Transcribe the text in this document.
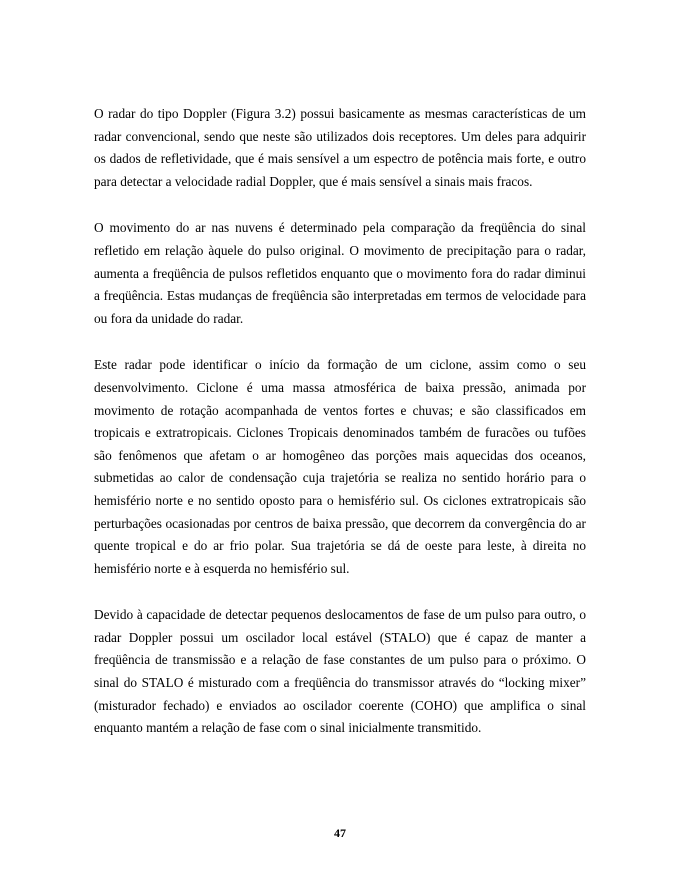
O radar do tipo Doppler (Figura 3.2) possui basicamente as mesmas características de um
radar convencional, sendo que neste são utilizados dois receptores. Um deles para adquirir
os dados de refletividade, que é mais sensível a um espectro de potência mais forte, e outro
para detectar a velocidade radial Doppler, que é mais sensível a sinais mais fracos.

O movimento do ar nas nuvens é determinado pela comparação da freqüência do sinal
refletido em relação àquele do pulso original. O movimento de precipitação para o radar,
aumenta a freqüência de pulsos refletidos enquanto que o movimento fora do radar diminui
a freqüência. Estas mudanças de freqüência são interpretadas em termos de velocidade para
ou fora da unidade do radar.

Este radar pode identificar o início da formação de um ciclone, assim como o seu
desenvolvimento. Ciclone é uma massa atmosférica de baixa pressão, animada por
movimento de rotação acompanhada de ventos fortes e chuvas; e são classificados em
tropicais e extratropicais. Ciclones Tropicais denominados também de furacões ou tufões
são fenômenos que afetam o ar homogêneo das porções mais aquecidas dos oceanos,
submetidas ao calor de condensação cuja trajetória se realiza no sentido horário para o
hemisfério norte e no sentido oposto para o hemisfério sul. Os ciclones extratropicais são
perturbações ocasionadas por centros de baixa pressão, que decorrem da convergência do ar
quente tropical e do ar frio polar. Sua trajetória se dá de oeste para leste, à direita no
hemisfério norte e à esquerda no hemisfério sul.

Devido à capacidade de detectar pequenos deslocamentos de fase de um pulso para outro, o
radar Doppler possui um oscilador local estável (STALO) que é capaz de manter a
freqüência de transmissão e a relação de fase constantes de um pulso para o próximo. O
sinal do STALO é misturado com a freqüência do transmissor através do “locking mixer”
(misturador fechado) e enviados ao oscilador coerente (COHO) que amplifica o sinal
enquanto mantém a relação de fase com o sinal inicialmente transmitido.

47
